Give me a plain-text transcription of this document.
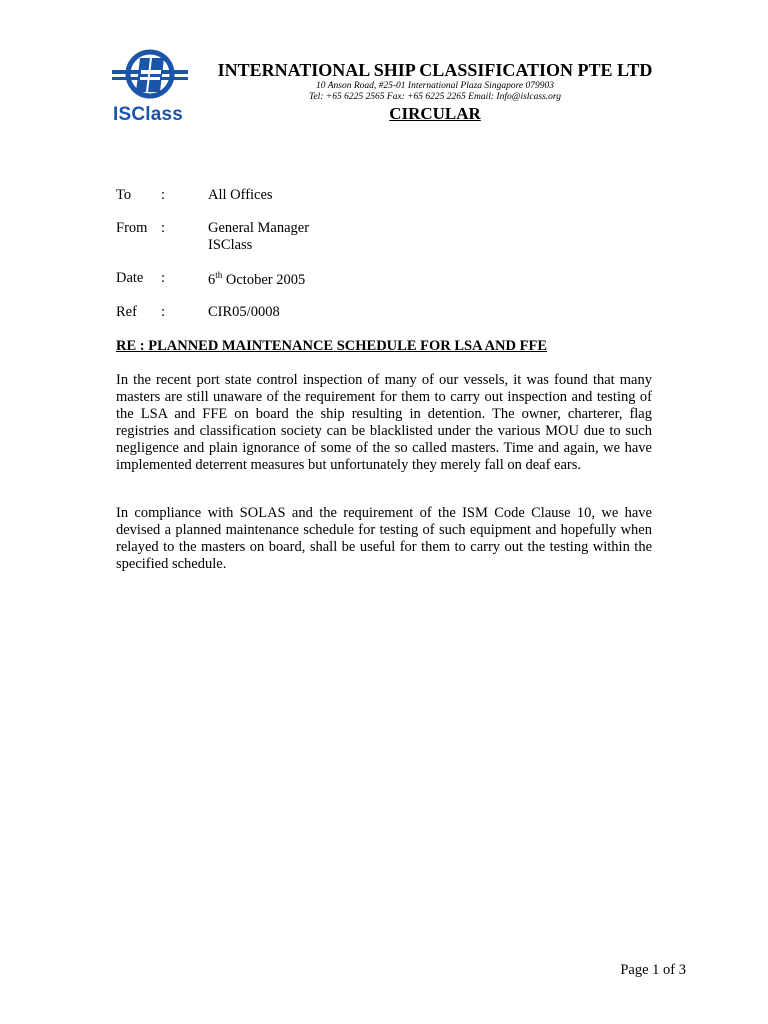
ISClass
INTERNATIONAL SHIP CLASSIFICATION PTE LTD
10 Anson Road, #25-01 International Plaza Singapore 079903
Tel: +65 6225 2565 Fax: +65 6225 2265 Email: Info@islcass.org
CIRCULAR
To	:	All Offices
From :	General Manager
ISClass
Date	:	6th October 2005
Ref	:	CIR05/0008
RE : PLANNED MAINTENANCE SCHEDULE FOR LSA AND FFE

In the recent port state control inspection of many of our vessels, it was found that many masters are still unaware of the requirement for them to carry out inspection and testing of the LSA and FFE on board the ship resulting in detention. The owner, charterer, flag registries and classification society can be blacklisted under the various MOU due to such negligence and plain ignorance of some of the so called masters. Time and again, we have implemented deterrent measures but unfortunately they merely fall on deaf ears.

In compliance with SOLAS and the requirement of the ISM Code Clause 10, we have devised a planned maintenance schedule for testing of such equipment and hopefully when relayed to the masters on board, shall be useful for them to carry out the testing within the specified schedule.

Page 1 of 3
